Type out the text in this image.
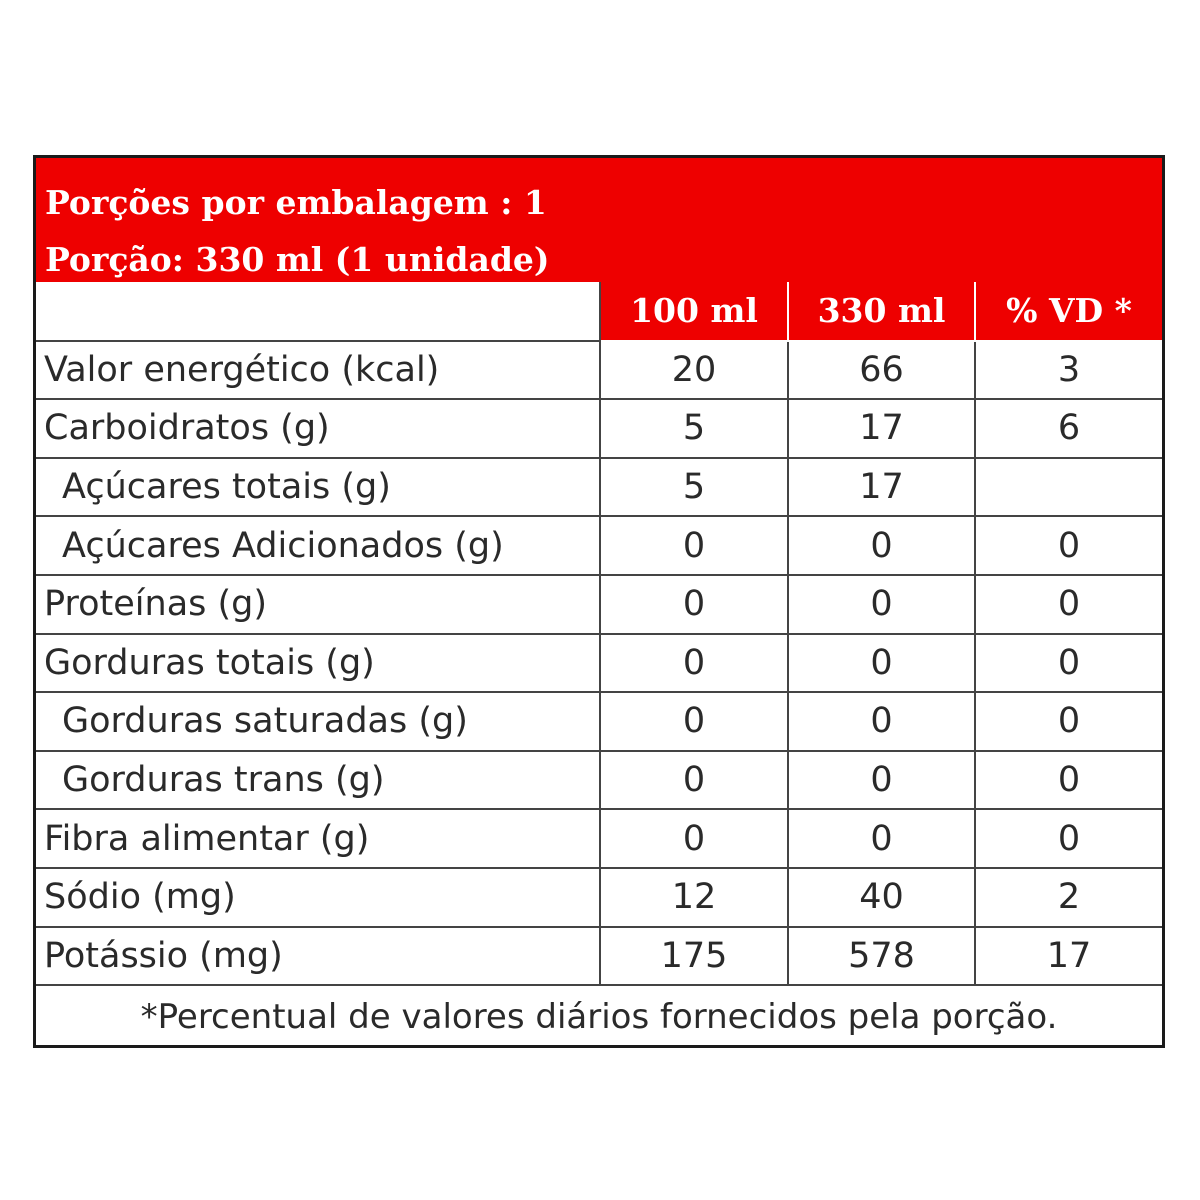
Porções por embalagem : 1
Porção: 330 ml (1 unidade)
	100 ml	330 ml	% VD *
Valor energético (kcal)	20	66	3
Carboidratos (g)	5	17	6
Açúcares totais (g)	5	17	
Açúcares Adicionados (g)	0	0	0
Proteínas (g)	0	0	0
Gorduras totais (g)	0	0	0
Gorduras saturadas (g)	0	0	0
Gorduras trans (g)	0	0	0
Fibra alimentar (g)	0	0	0
Sódio (mg)	12	40	2
Potássio (mg)	175	578	17
*Percentual de valores diários fornecidos pela porção.			
